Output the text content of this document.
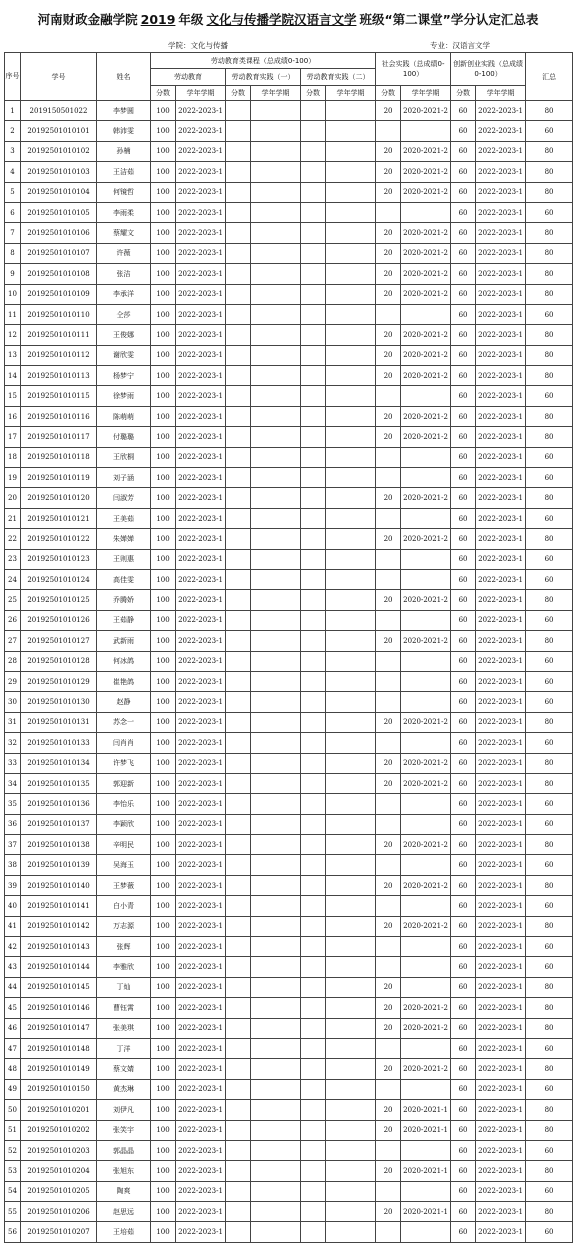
河南财政金融学院 2019 年级 文化与传播学院汉语言文学 班级“第二课堂”学分认定汇总表
学院：文化与传播	专业：汉语言文学
序号	学号	姓名	劳动教育类课程（总成绩0-100）						社会实践（总成绩0-100）		创新创业实践（总成绩0-100）		汇总
			劳动教育		劳动教育实践（一）		劳动教育实践（二）						
			分数	学年学期	分数	学年学期	分数	学年学期	分数	学年学期	分数	学年学期	
1	2019150501022	李梦圆	100	2022-2023-1					20	2020-2021-2	60	2022-2023-1	80
2	20192501010101	韩沛雯	100	2022-2023-1							60	2022-2023-1	60
3	20192501010102	孙楠	100	2022-2023-1					20	2020-2021-2	60	2022-2023-1	80
4	20192501010103	王洁茹	100	2022-2023-1					20	2020-2021-2	60	2022-2023-1	80
5	20192501010104	何镜哲	100	2022-2023-1					20	2020-2021-2	60	2022-2023-1	80
6	20192501010105	李雨柔	100	2022-2023-1							60	2022-2023-1	60
7	20192501010106	蔡耀文	100	2022-2023-1					20	2020-2021-2	60	2022-2023-1	80
8	20192501010107	许薇	100	2022-2023-1					20	2020-2021-2	60	2022-2023-1	80
9	20192501010108	张洁	100	2022-2023-1					20	2020-2021-2	60	2022-2023-1	80
10	20192501010109	李承洋	100	2022-2023-1					20	2020-2021-2	60	2022-2023-1	80
11	20192501010110	仝莎	100	2022-2023-1							60	2022-2023-1	60
12	20192501010111	王俊娜	100	2022-2023-1					20	2020-2021-2	60	2022-2023-1	80
13	20192501010112	谢欣雯	100	2022-2023-1					20	2020-2021-2	60	2022-2023-1	80
14	20192501010113	杨梦宁	100	2022-2023-1					20	2020-2021-2	60	2022-2023-1	80
15	20192501010115	徐梦雨	100	2022-2023-1							60	2022-2023-1	60
16	20192501010116	陈萌萌	100	2022-2023-1					20	2020-2021-2	60	2022-2023-1	80
17	20192501010117	付璐璐	100	2022-2023-1					20	2020-2021-2	60	2022-2023-1	80
18	20192501010118	王欣桐	100	2022-2023-1							60	2022-2023-1	60
19	20192501010119	刘子涵	100	2022-2023-1							60	2022-2023-1	60
20	20192501010120	闫淑芳	100	2022-2023-1					20	2020-2021-2	60	2022-2023-1	80
21	20192501010121	王美茹	100	2022-2023-1							60	2022-2023-1	60
22	20192501010122	朱婵婵	100	2022-2023-1					20	2020-2021-2	60	2022-2023-1	80
23	20192501010123	王则惠	100	2022-2023-1							60	2022-2023-1	60
24	20192501010124	高佳雯	100	2022-2023-1							60	2022-2023-1	60
25	20192501010125	乔腾娇	100	2022-2023-1					20	2020-2021-2	60	2022-2023-1	80
26	20192501010126	王茹静	100	2022-2023-1							60	2022-2023-1	60
27	20192501010127	武新雨	100	2022-2023-1					20	2020-2021-2	60	2022-2023-1	80
28	20192501010128	何冰鸽	100	2022-2023-1							60	2022-2023-1	60
29	20192501010129	崔艳鸽	100	2022-2023-1							60	2022-2023-1	60
30	20192501010130	赵静	100	2022-2023-1							60	2022-2023-1	60
31	20192501010131	苏念一	100	2022-2023-1					20	2020-2021-2	60	2022-2023-1	80
32	20192501010133	闫肖肖	100	2022-2023-1							60	2022-2023-1	60
33	20192501010134	许梦飞	100	2022-2023-1					20	2020-2021-2	60	2022-2023-1	80
34	20192501010135	郭迎新	100	2022-2023-1					20	2020-2021-2	60	2022-2023-1	80
35	20192501010136	李怡乐	100	2022-2023-1							60	2022-2023-1	60
36	20192501010137	李颖欣	100	2022-2023-1							60	2022-2023-1	60
37	20192501010138	辛明民	100	2022-2023-1					20	2020-2021-2	60	2022-2023-1	80
38	20192501010139	吴海玉	100	2022-2023-1							60	2022-2023-1	60
39	20192501010140	王梦薇	100	2022-2023-1					20	2020-2021-2	60	2022-2023-1	80
40	20192501010141	白小青	100	2022-2023-1							60	2022-2023-1	60
41	20192501010142	万志源	100	2022-2023-1					20	2020-2021-2	60	2022-2023-1	80
42	20192501010143	张辉	100	2022-2023-1							60	2022-2023-1	60
43	20192501010144	李雅欣	100	2022-2023-1							60	2022-2023-1	60
44	20192501010145	丁灿	100	2022-2023-1					20		60	2022-2023-1	80
45	20192501010146	曹钰霄	100	2022-2023-1					20	2020-2021-2	60	2022-2023-1	80
46	20192501010147	张美琪	100	2022-2023-1					20	2020-2021-2	60	2022-2023-1	80
47	20192501010148	丁洋	100	2022-2023-1							60	2022-2023-1	60
48	20192501010149	蔡文婧	100	2022-2023-1					20	2020-2021-2	60	2022-2023-1	80
49	20192501010150	黄杰琳	100	2022-2023-1							60	2022-2023-1	60
50	20192501010201	刘伊凡	100	2022-2023-1					20	2020-2021-1	60	2022-2023-1	80
51	20192501010202	张笑宇	100	2022-2023-1					20	2020-2021-1	60	2022-2023-1	80
52	20192501010203	郭晶晶	100	2022-2023-1							60	2022-2023-1	60
53	20192501010204	张旭东	100	2022-2023-1					20	2020-2021-1	60	2022-2023-1	80
54	20192501010205	陶爽	100	2022-2023-1							60	2022-2023-1	60
55	20192501010206	赵思远	100	2022-2023-1					20	2020-2021-1	60	2022-2023-1	80
56	20192501010207	王培茹	100	2022-2023-1							60	2022-2023-1	60
